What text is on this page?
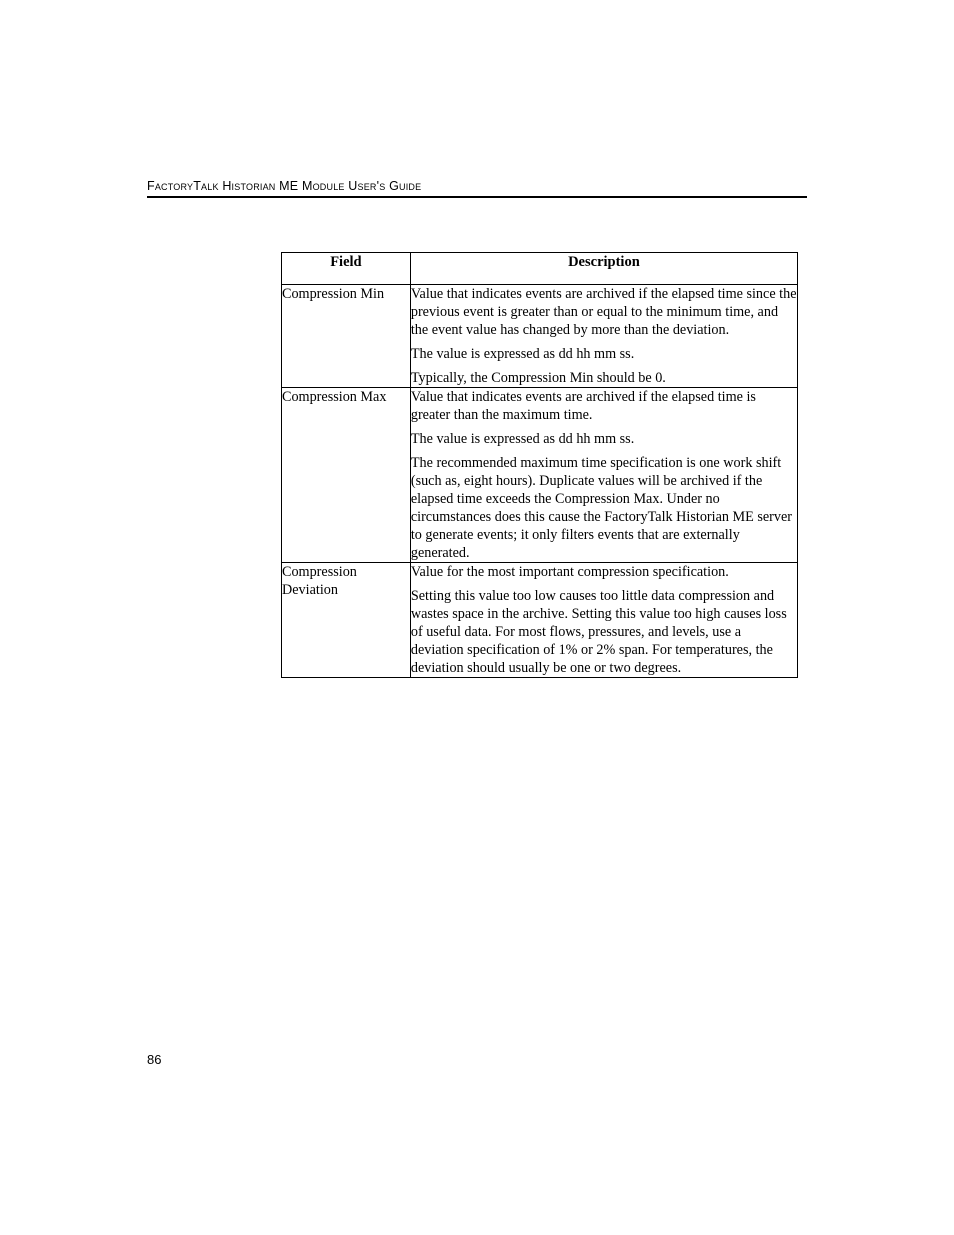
FactoryTalk Historian ME Module User's Guide
Field	Description
Compression Min	Value that indicates events are archived if the elapsed time since the previous event is greater than or equal to the minimum time, and the event value has changed by more than the deviation.

The value is expressed as dd hh mm ss.

Typically, the Compression Min should be 0.

Compression Max	Value that indicates events are archived if the elapsed time is greater than the maximum time.

The value is expressed as dd hh mm ss.

The recommended maximum time specification is one work shift (such as, eight hours). Duplicate values will be archived if the elapsed time exceeds the Compression Max. Under no circumstances does this cause the FactoryTalk Historian ME server to generate events; it only filters events that are externally generated.

Compression Deviation	Value for the most important compression specification.

Setting this value too low causes too little data compression and wastes space in the archive. Setting this value too high causes loss of useful data. For most flows, pressures, and levels, use a deviation specification of 1% or 2% span. For temperatures, the deviation should usually be one or two degrees.

86
